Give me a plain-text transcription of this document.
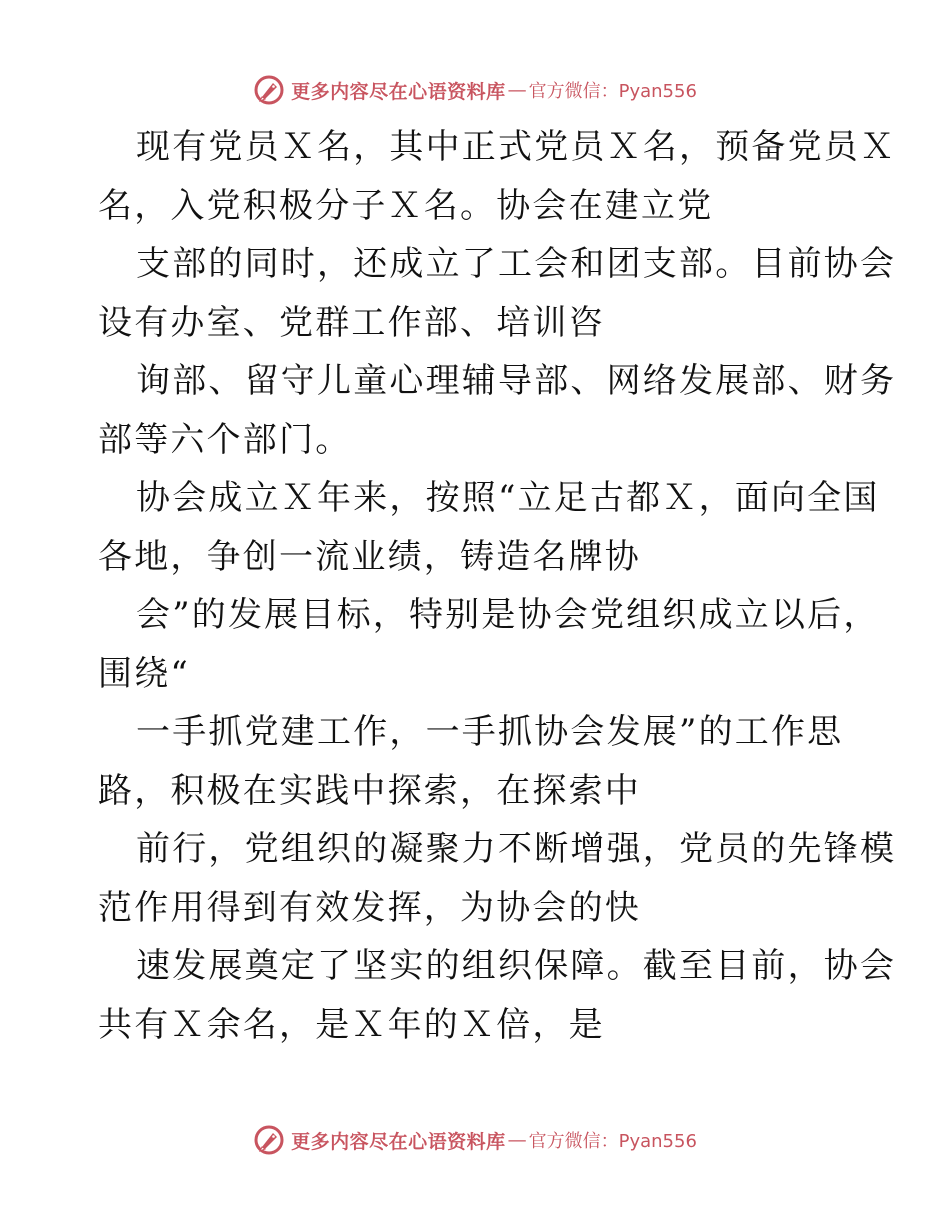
更多内容尽在心语资料库 — 官方微信：Pyan556
现有党员Ｘ名，其中正式党员Ｘ名，预备党员Ｘ
名，入党积极分子Ｘ名。协会在建立党
支部的同时，还成立了工会和团支部。目前协会
设有办室、党群工作部、培训咨
询部、留守儿童心理辅导部、网络发展部、财务
部等六个部门。
协会成立Ｘ年来，按照“立足古都Ｘ，面向全国
各地，争创一流业绩，铸造名牌协
会”的发展目标，特别是协会党组织成立以后，
围绕“
一手抓党建工作，一手抓协会发展”的工作思
路，积极在实践中探索，在探索中
前行，党组织的凝聚力不断增强，党员的先锋模
范作用得到有效发挥，为协会的快
速发展奠定了坚实的组织保障。截至目前，协会
共有Ｘ余名，是Ｘ年的Ｘ倍，是
更多内容尽在心语资料库 — 官方微信：Pyan556
